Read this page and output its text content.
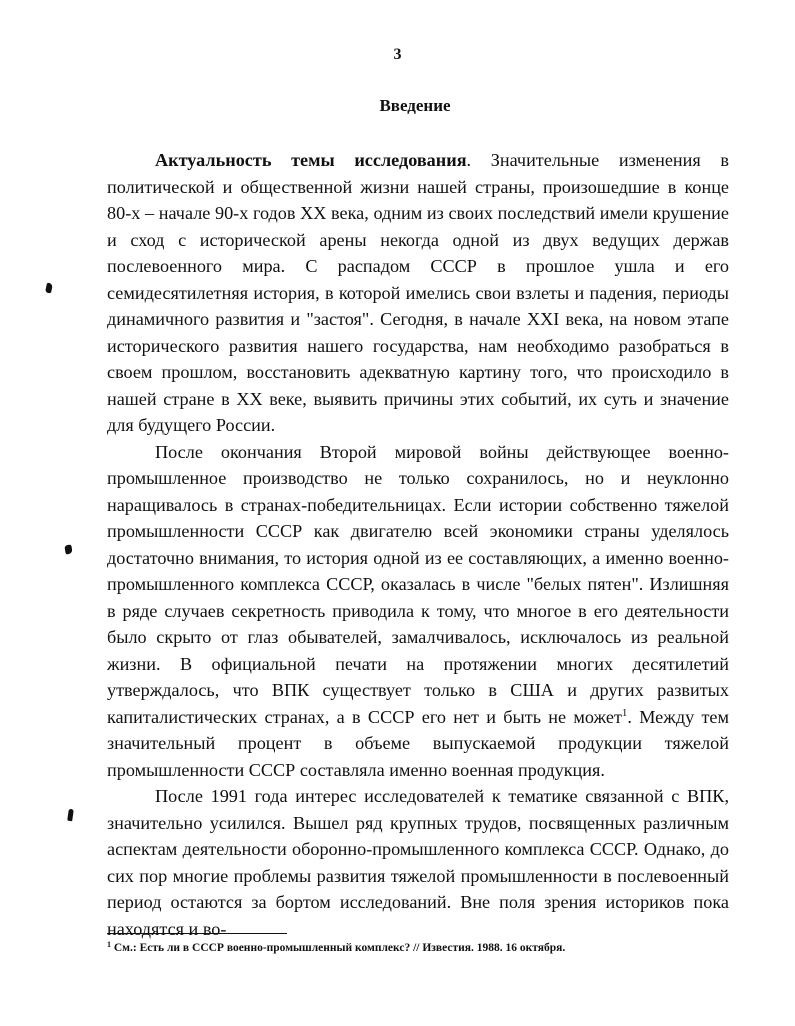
3
Введение

Актуальность темы исследования. Значительные изменения в политической и общественной жизни нашей страны, произошедшие в конце 80-х – начале 90-х годов XX века, одним из своих последствий имели крушение и сход с исторической арены некогда одной из двух ведущих держав послевоенного мира. С распадом СССР в прошлое ушла и его семидесятилетняя история, в которой имелись свои взлеты и падения, периоды динамичного развития и "застоя". Сегодня, в начале XXI века, на новом этапе исторического развития нашего государства, нам необходимо разобраться в своем прошлом, восстановить адекватную картину того, что происходило в нашей стране в XX веке, выявить причины этих событий, их суть и значение для будущего России.

После окончания Второй мировой войны действующее военно-промышленное производство не только сохранилось, но и неуклонно наращивалось в странах-победительницах. Если истории собственно тяжелой промышленности СССР как двигателю всей экономики страны уделялось достаточно внимания, то история одной из ее составляющих, а именно военно-промышленного комплекса СССР, оказалась в числе "белых пятен". Излишняя в ряде случаев секретность приводила к тому, что многое в его деятельности было скрыто от глаз обывателей, замалчивалось, исключалось из реальной жизни. В официальной печати на протяжении многих десятилетий утверждалось, что ВПК существует только в США и других развитых капиталистических странах, а в СССР его нет и быть не может$^1$. Между тем значительный процент в объеме выпускаемой продукции тяжелой промышленности СССР составляла именно военная продукция.

После 1991 года интерес исследователей к тематике связанной с ВПК, значительно усилился. Вышел ряд крупных трудов, посвященных различным аспектам деятельности оборонно-промышленного комплекса СССР. Однако, до сих пор многие проблемы развития тяжелой промышленности в послевоенный период остаются за бортом исследований. Вне поля зрения историков пока находятся и во-

$^1$ См.: Есть ли в СССР военно-промышленный комплекс? // Известия. 1988. 16 октября.
